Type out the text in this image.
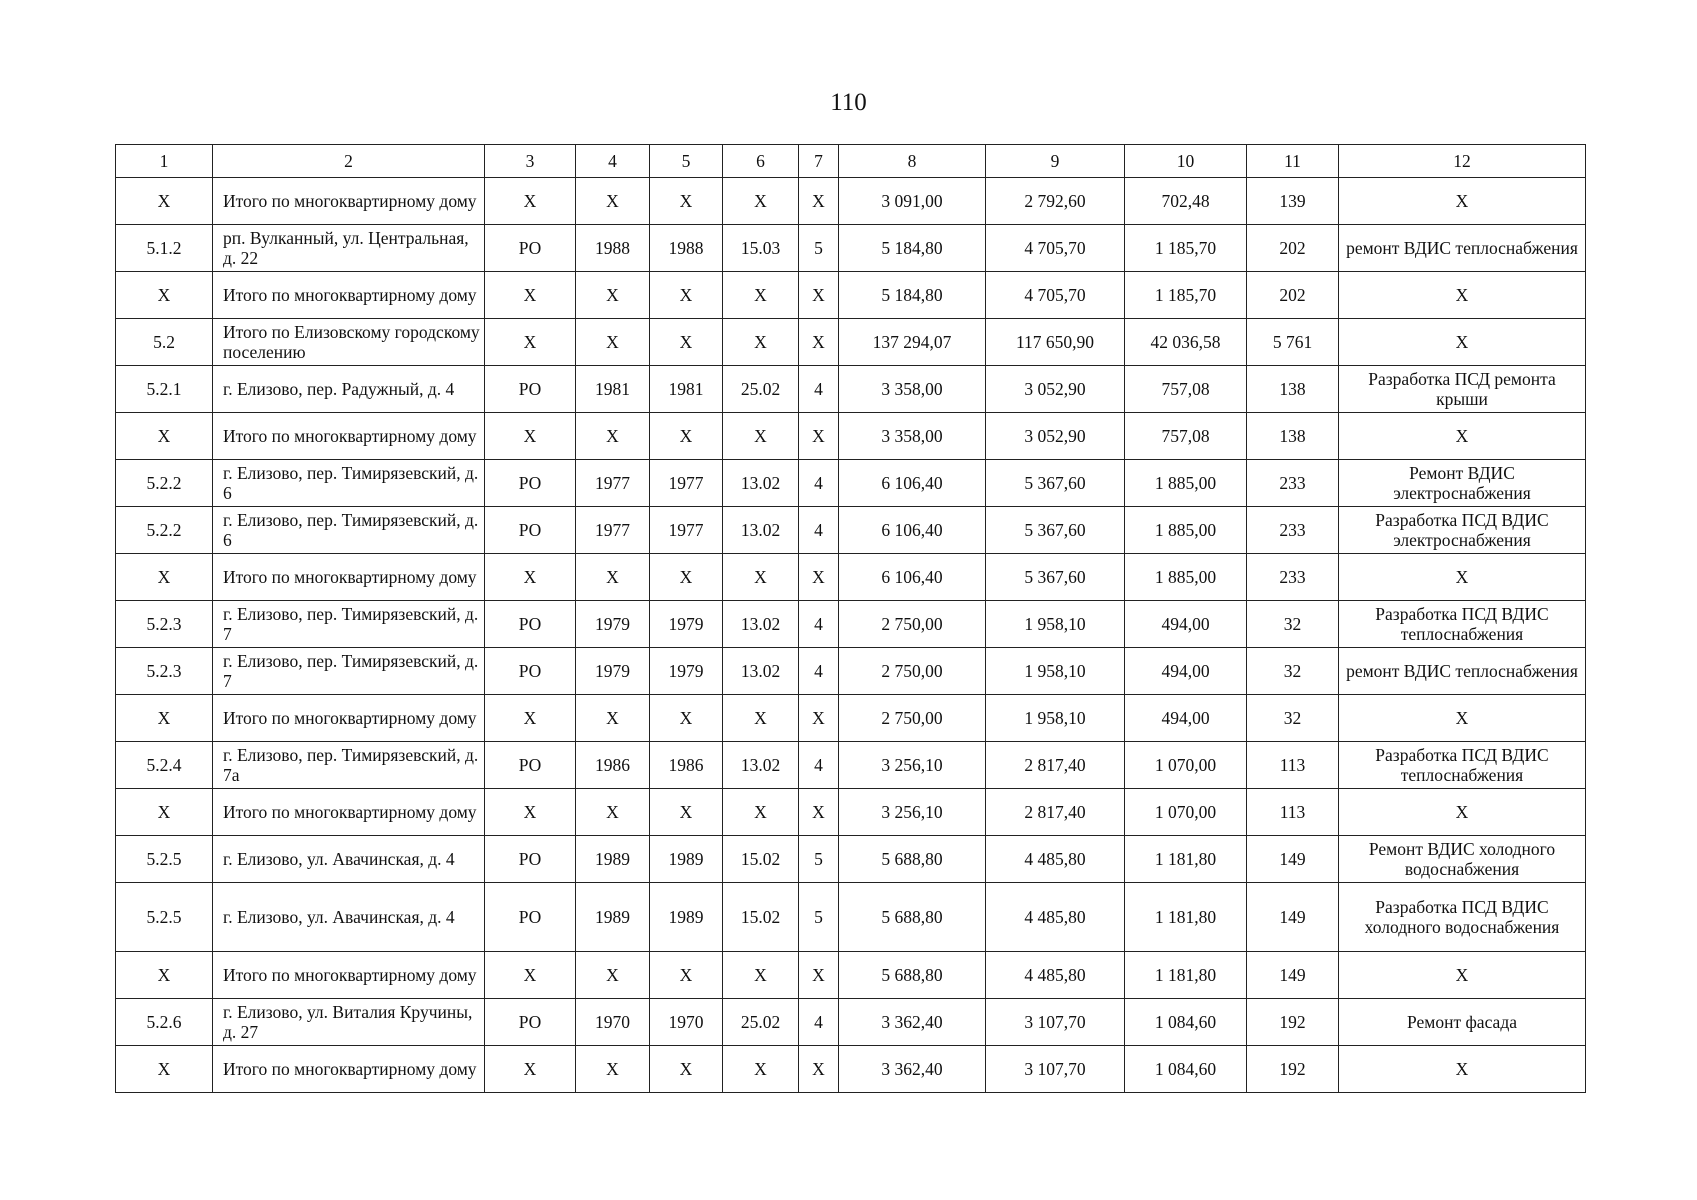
110
1	2	3	4	5	6	7	8	9	10	11	12
Х	Итого по многоквартирному дому	Х	Х	Х	Х	Х	3 091,00	2 792,60	702,48	139	Х
5.1.2	рп. Вулканный, ул. Центральная, д. 22	РО	1988	1988	15.03	5	5 184,80	4 705,70	1 185,70	202	ремонт ВДИС теплоснабжения
Х	Итого по многоквартирному дому	Х	Х	Х	Х	Х	5 184,80	4 705,70	1 185,70	202	Х
5.2	Итого по Елизовскому городскому поселению	Х	Х	Х	Х	Х	137 294,07	117 650,90	42 036,58	5 761	Х
5.2.1	г. Елизово, пер. Радужный, д. 4	РО	1981	1981	25.02	4	3 358,00	3 052,90	757,08	138	Разработка ПСД ремонта крыши
Х	Итого по многоквартирному дому	Х	Х	Х	Х	Х	3 358,00	3 052,90	757,08	138	Х
5.2.2	г. Елизово, пер. Тимирязевский, д. 6	РО	1977	1977	13.02	4	6 106,40	5 367,60	1 885,00	233	Ремонт ВДИС электроснабжения
5.2.2	г. Елизово, пер. Тимирязевский, д. 6	РО	1977	1977	13.02	4	6 106,40	5 367,60	1 885,00	233	Разработка ПСД ВДИС электроснабжения
Х	Итого по многоквартирному дому	Х	Х	Х	Х	Х	6 106,40	5 367,60	1 885,00	233	Х
5.2.3	г. Елизово, пер. Тимирязевский, д. 7	РО	1979	1979	13.02	4	2 750,00	1 958,10	494,00	32	Разработка ПСД ВДИС теплоснабжения
5.2.3	г. Елизово, пер. Тимирязевский, д. 7	РО	1979	1979	13.02	4	2 750,00	1 958,10	494,00	32	ремонт ВДИС теплоснабжения
Х	Итого по многоквартирному дому	Х	Х	Х	Х	Х	2 750,00	1 958,10	494,00	32	Х
5.2.4	г. Елизово, пер. Тимирязевский, д. 7а	РО	1986	1986	13.02	4	3 256,10	2 817,40	1 070,00	113	Разработка ПСД ВДИС теплоснабжения
Х	Итого по многоквартирному дому	Х	Х	Х	Х	Х	3 256,10	2 817,40	1 070,00	113	Х
5.2.5	г. Елизово, ул. Авачинская, д. 4	РО	1989	1989	15.02	5	5 688,80	4 485,80	1 181,80	149	Ремонт ВДИС холодного водоснабжения
5.2.5	г. Елизово, ул. Авачинская, д. 4	РО	1989	1989	15.02	5	5 688,80	4 485,80	1 181,80	149	Разработка ПСД ВДИС холодного водоснабжения
Х	Итого по многоквартирному дому	Х	Х	Х	Х	Х	5 688,80	4 485,80	1 181,80	149	Х
5.2.6	г. Елизово, ул. Виталия Кручины, д. 27	РО	1970	1970	25.02	4	3 362,40	3 107,70	1 084,60	192	Ремонт фасада
Х	Итого по многоквартирному дому	Х	Х	Х	Х	Х	3 362,40	3 107,70	1 084,60	192	Х
